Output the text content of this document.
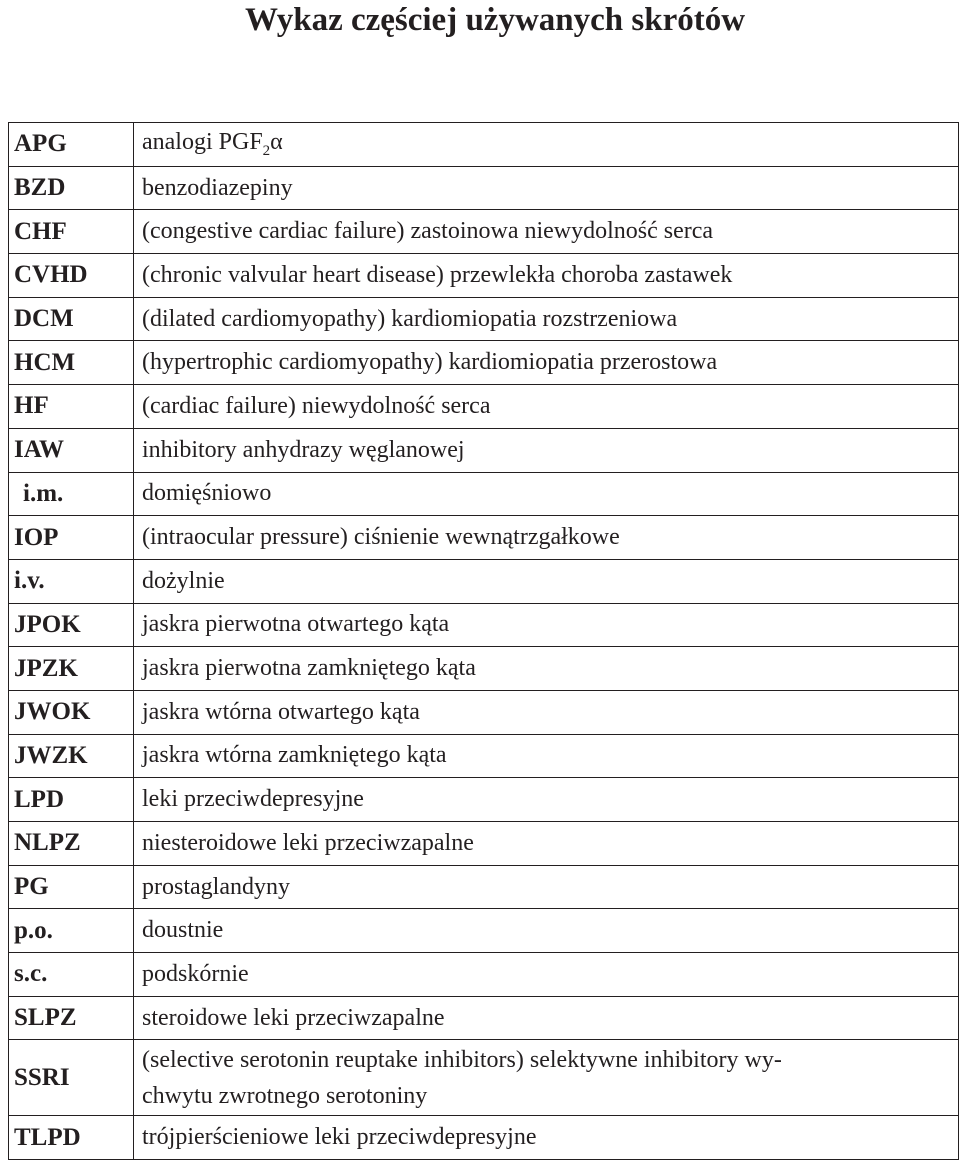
Wykaz częściej używanych skrótów
APG	analogi $PGF_2\alpha$
BZD	benzodiazepiny
CHF	(congestive cardiac failure) zastoinowa niewydolność serca
CVHD	(chronic valvular heart disease) przewlekła choroba zastawek
DCM	(dilated cardiomyopathy) kardiomiopatia rozstrzeniowa
HCM	(hypertrophic cardiomyopathy) kardiomiopatia przerostowa
HF	(cardiac failure) niewydolność serca
IAW	inhibitory anhydrazy węglanowej
i.m.	domięśniowo
IOP	(intraocular pressure) ciśnienie wewnątrzgałkowe
i.v.	dożylnie
JPOK	jaskra pierwotna otwartego kąta
JPZK	jaskra pierwotna zamkniętego kąta
JWOK	jaskra wtórna otwartego kąta
JWZK	jaskra wtórna zamkniętego kąta
LPD	leki przeciwdepresyjne
NLPZ	niesteroidowe leki przeciwzapalne
PG	prostaglandyny
p.o.	doustnie
s.c.	podskórnie
SLPZ	steroidowe leki przeciwzapalne
SSRI	(selective serotonin reuptake inhibitors) selektywne inhibitory wy-
chwytu zwrotnego serotoniny

TLPD	trójpierścieniowe leki przeciwdepresyjne
